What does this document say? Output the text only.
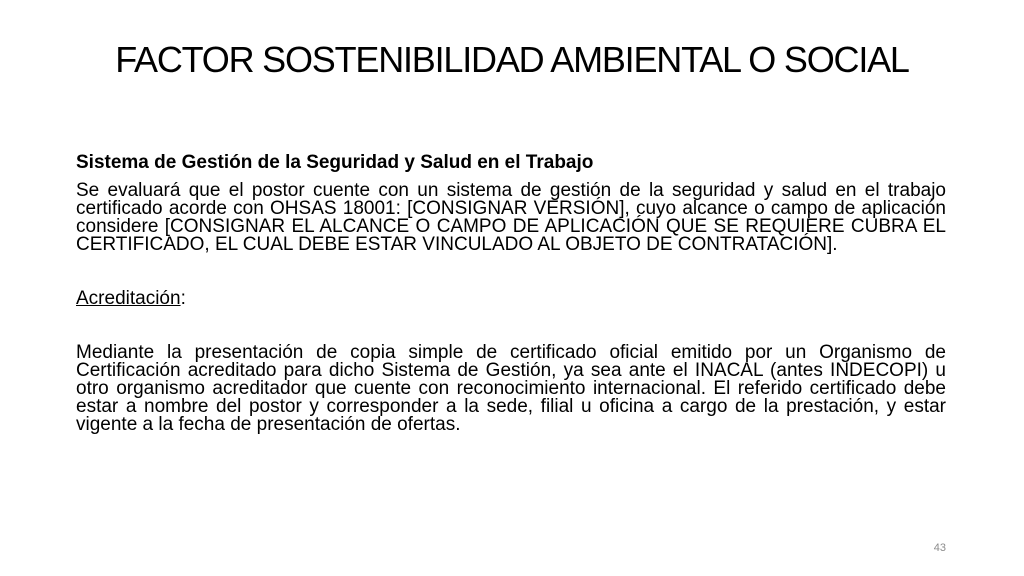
FACTOR SOSTENIBILIDAD AMBIENTAL O SOCIAL

Sistema de Gestión de la Seguridad y Salud en el Trabajo

Se evaluará que el postor cuente con un sistema de gestión de la seguridad y salud en el trabajo certificado acorde con OHSAS 18001: [CONSIGNAR VERSIÓN], cuyo alcance o campo de aplicación considere [CONSIGNAR EL ALCANCE O CAMPO DE APLICACIÓN QUE SE REQUIERE CUBRA EL CERTIFICADO, EL CUAL DEBE ESTAR VINCULADO AL OBJETO DE CONTRATACIÓN].

Acreditación:

Mediante la presentación de copia simple de certificado oficial emitido por un Organismo de Certificación acreditado para dicho Sistema de Gestión, ya sea ante el INACAL (antes INDECOPI) u otro organismo acreditador que cuente con reconocimiento internacional. El referido certificado debe estar a nombre del postor y corresponder a la sede, filial u oficina a cargo de la prestación, y estar vigente a la fecha de presentación de ofertas.

43
